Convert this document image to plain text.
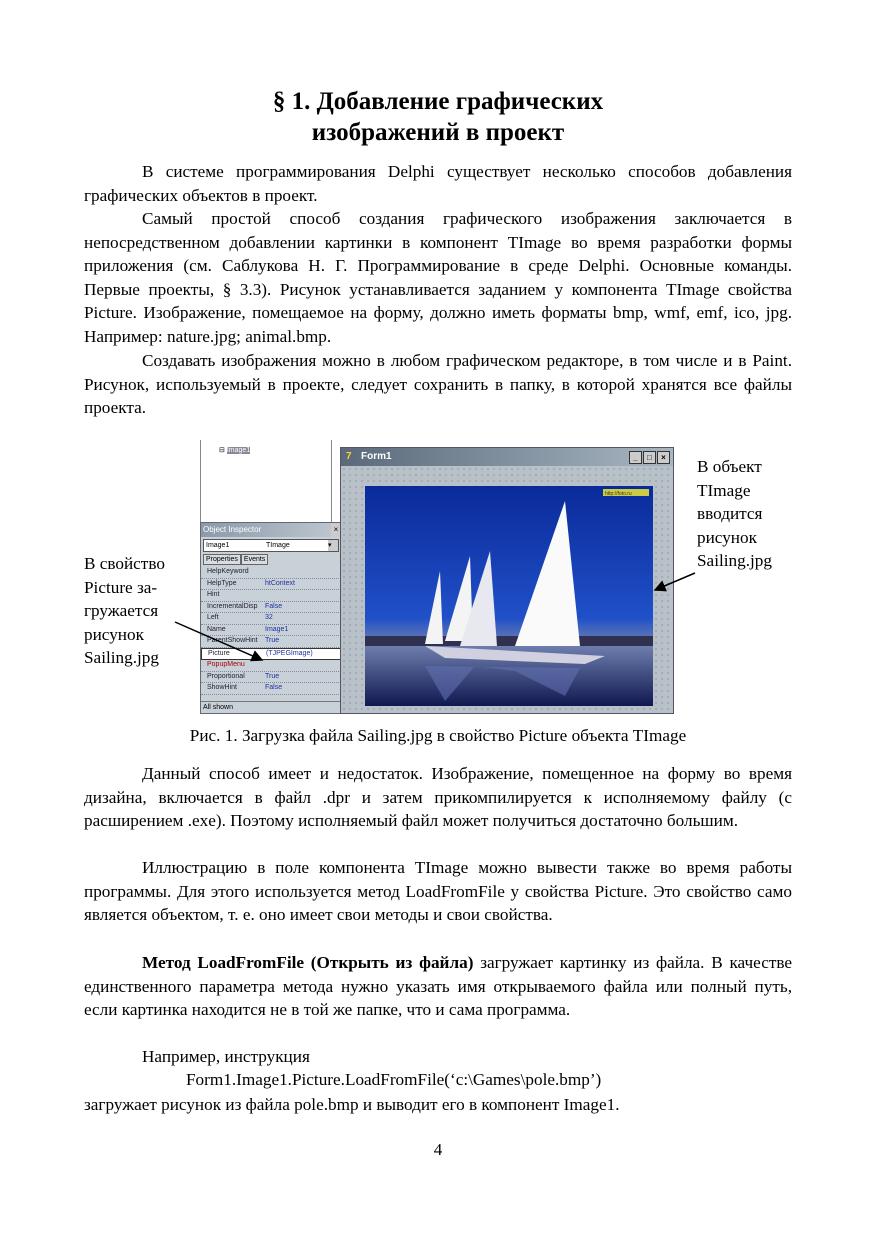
§ 1. Добавление графических
изображений в проект
В системе программирования Delphi существует несколько способов добавления графических объектов в проект.
Самый простой способ создания графического изображения заключается в непосредственном добавлении картинки в компонент TImage во время разработки формы приложения (см. Саблукова Н. Г. Программирование в среде Delphi. Основные команды. Первые проекты, § 3.3). Рисунок устанавливается заданием у компонента TImage свойства Picture. Изображение, помещаемое на форму, должно иметь форматы bmp, wmf, emf, ico, jpg. Например: nature.jpg; animal.bmp.
Создавать изображения можно в любом графическом редакторе, в том числе и в Paint. Рисунок, используемый в проекте, следует сохранить в папку, в которой хранятся все файлы проекта.
⊟ Image1
Object Inspector	×
Image1	TImage	▾
Properties Events
HelpKeyword
HelpType	htContext
Hint
IncrementalDisp	False
Left	32
Name	Image1
ParentShowHint	True
Picture	(TJPEGImage)
PopupMenu
Proportional	True
ShowHint	False
All shown
7 Form1	_	□	×
http://foto.ru
В объект
TImage
вводится
рисунок
Sailing.jpg
В свойство
Picture за-
гружается
рисунок
Sailing.jpg
Рис. 1. Загрузка файла Sailing.jpg в свойство Picture объекта TImage
Данный способ имеет и недостаток. Изображение, помещенное на форму во время дизайна, включается в файл .dpr и затем прикомпилируется к исполняемому файлу (с расширением .exe). Поэтому исполняемый файл может получиться достаточно большим.
Иллюстрацию в поле компонента TImage можно вывести также во время работы программы. Для этого используется метод LoadFromFile у свойства Picture. Это свойство само является объектом, т. е. оно имеет свои методы и свои свойства.
Метод LoadFromFile (Открыть из файла) загружает картинку из файла. В качестве единственного параметра метода нужно указать имя открываемого файла или полный путь, если картинка находится не в той же папке, что и сама программа.
Например, инструкция
Form1.Image1.Picture.LoadFromFile(‘c:\Games\pole.bmp’)
загружает рисунок из файла pole.bmp и выводит его в компонент Image1.
4
